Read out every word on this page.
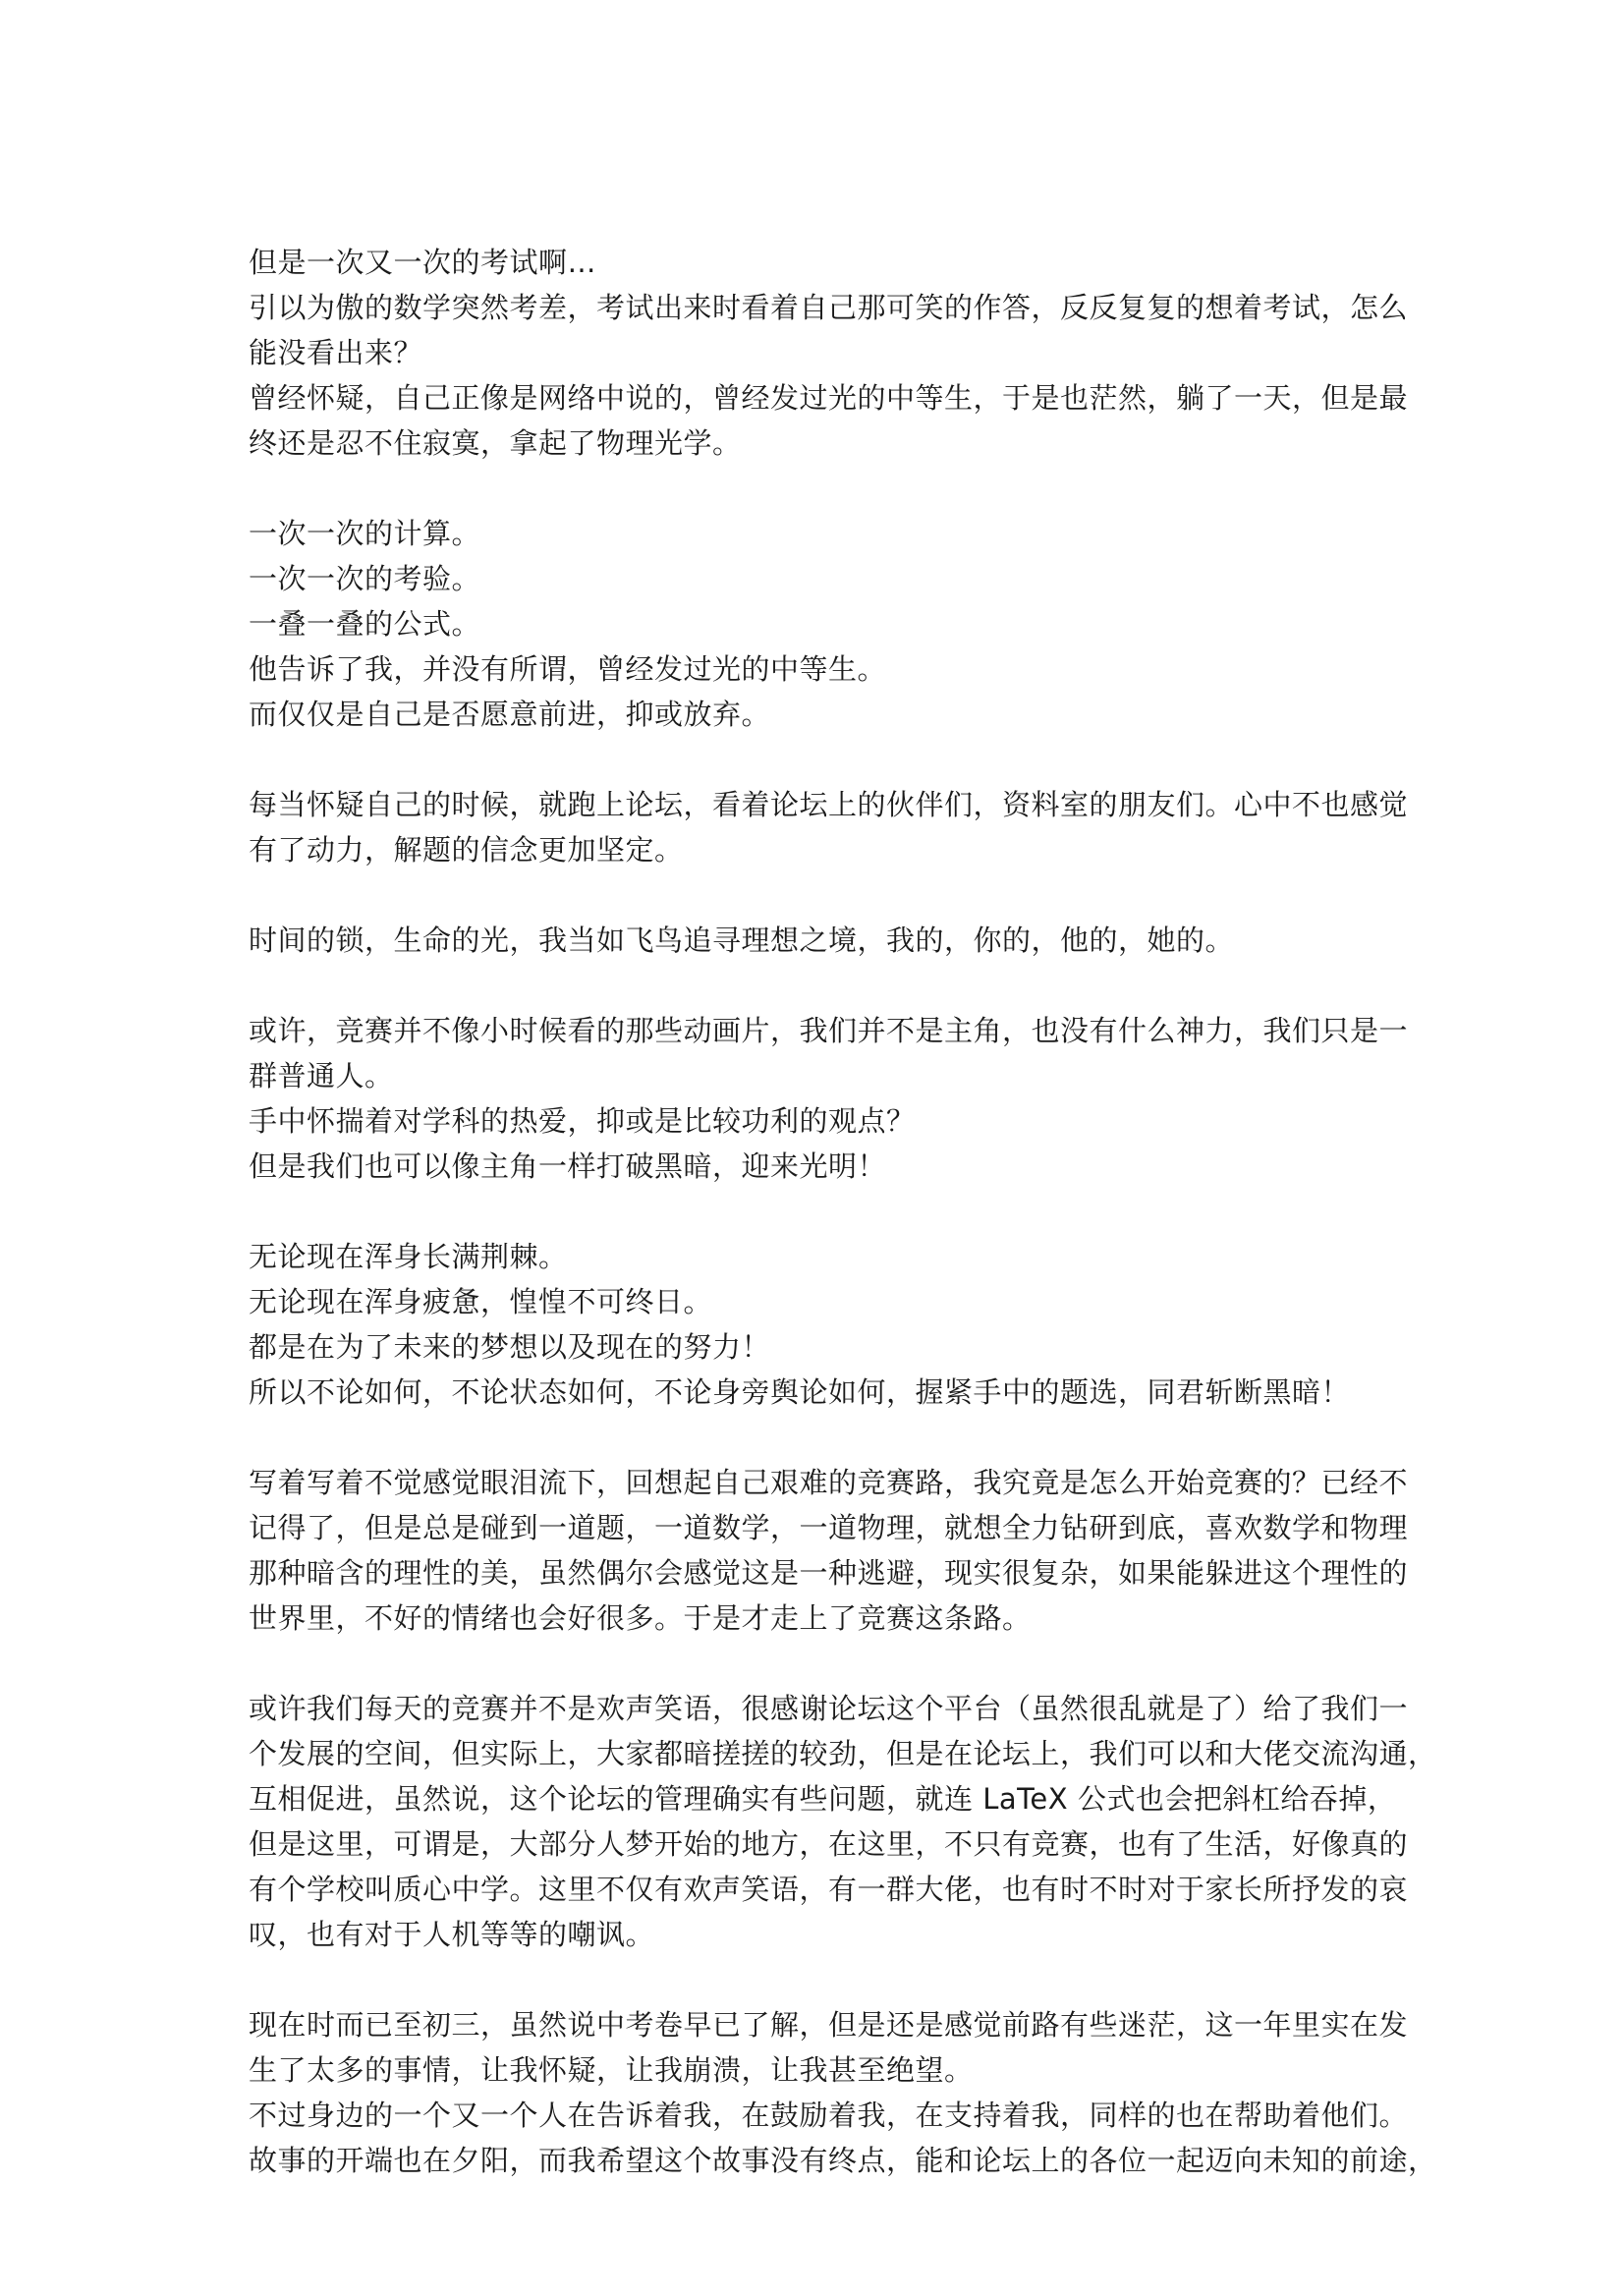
但是一次又一次的考试啊…
引以为傲的数学突然考差，考试出来时看着自己那可笑的作答，反反复复的想着考试，怎么
能没看出来？
曾经怀疑，自己正像是网络中说的，曾经发过光的中等生，于是也茫然，躺了一天，但是最
终还是忍不住寂寞，拿起了物理光学。
一次一次的计算。
一次一次的考验。
一叠一叠的公式。
他告诉了我，并没有所谓，曾经发过光的中等生。
而仅仅是自己是否愿意前进，抑或放弃。
每当怀疑自己的时候，就跑上论坛，看着论坛上的伙伴们，资料室的朋友们。心中不也感觉
有了动力，解题的信念更加坚定。
时间的锁，生命的光，我当如飞鸟追寻理想之境，我的，你的，他的，她的。
或许，竞赛并不像小时候看的那些动画片，我们并不是主角，也没有什么神力，我们只是一
群普通人。
手中怀揣着对学科的热爱，抑或是比较功利的观点？
但是我们也可以像主角一样打破黑暗，迎来光明！
无论现在浑身长满荆棘。
无论现在浑身疲惫，惶惶不可终日。
都是在为了未来的梦想以及现在的努力！
所以不论如何，不论状态如何，不论身旁舆论如何，握紧手中的题选，同君斩断黑暗！
写着写着不觉感觉眼泪流下，回想起自己艰难的竞赛路，我究竟是怎么开始竞赛的？已经不
记得了，但是总是碰到一道题，一道数学，一道物理，就想全力钻研到底，喜欢数学和物理
那种暗含的理性的美，虽然偶尔会感觉这是一种逃避，现实很复杂，如果能躲进这个理性的
世界里，不好的情绪也会好很多。于是才走上了竞赛这条路。
或许我们每天的竞赛并不是欢声笑语，很感谢论坛这个平台（虽然很乱就是了）给了我们一
个发展的空间，但实际上，大家都暗搓搓的较劲，但是在论坛上，我们可以和大佬交流沟通，
互相促进，虽然说，这个论坛的管理确实有些问题，就连 LaTeX 公式也会把斜杠给吞掉，
但是这里，可谓是，大部分人梦开始的地方，在这里，不只有竞赛，也有了生活，好像真的
有个学校叫质心中学。这里不仅有欢声笑语，有一群大佬，也有时不时对于家长所抒发的哀
叹，也有对于人机等等的嘲讽。
现在时而已至初三，虽然说中考卷早已了解，但是还是感觉前路有些迷茫，这一年里实在发
生了太多的事情，让我怀疑，让我崩溃，让我甚至绝望。
不过身边的一个又一个人在告诉着我，在鼓励着我，在支持着我，同样的也在帮助着他们。
故事的开端也在夕阳，而我希望这个故事没有终点，能和论坛上的各位一起迈向未知的前途，
